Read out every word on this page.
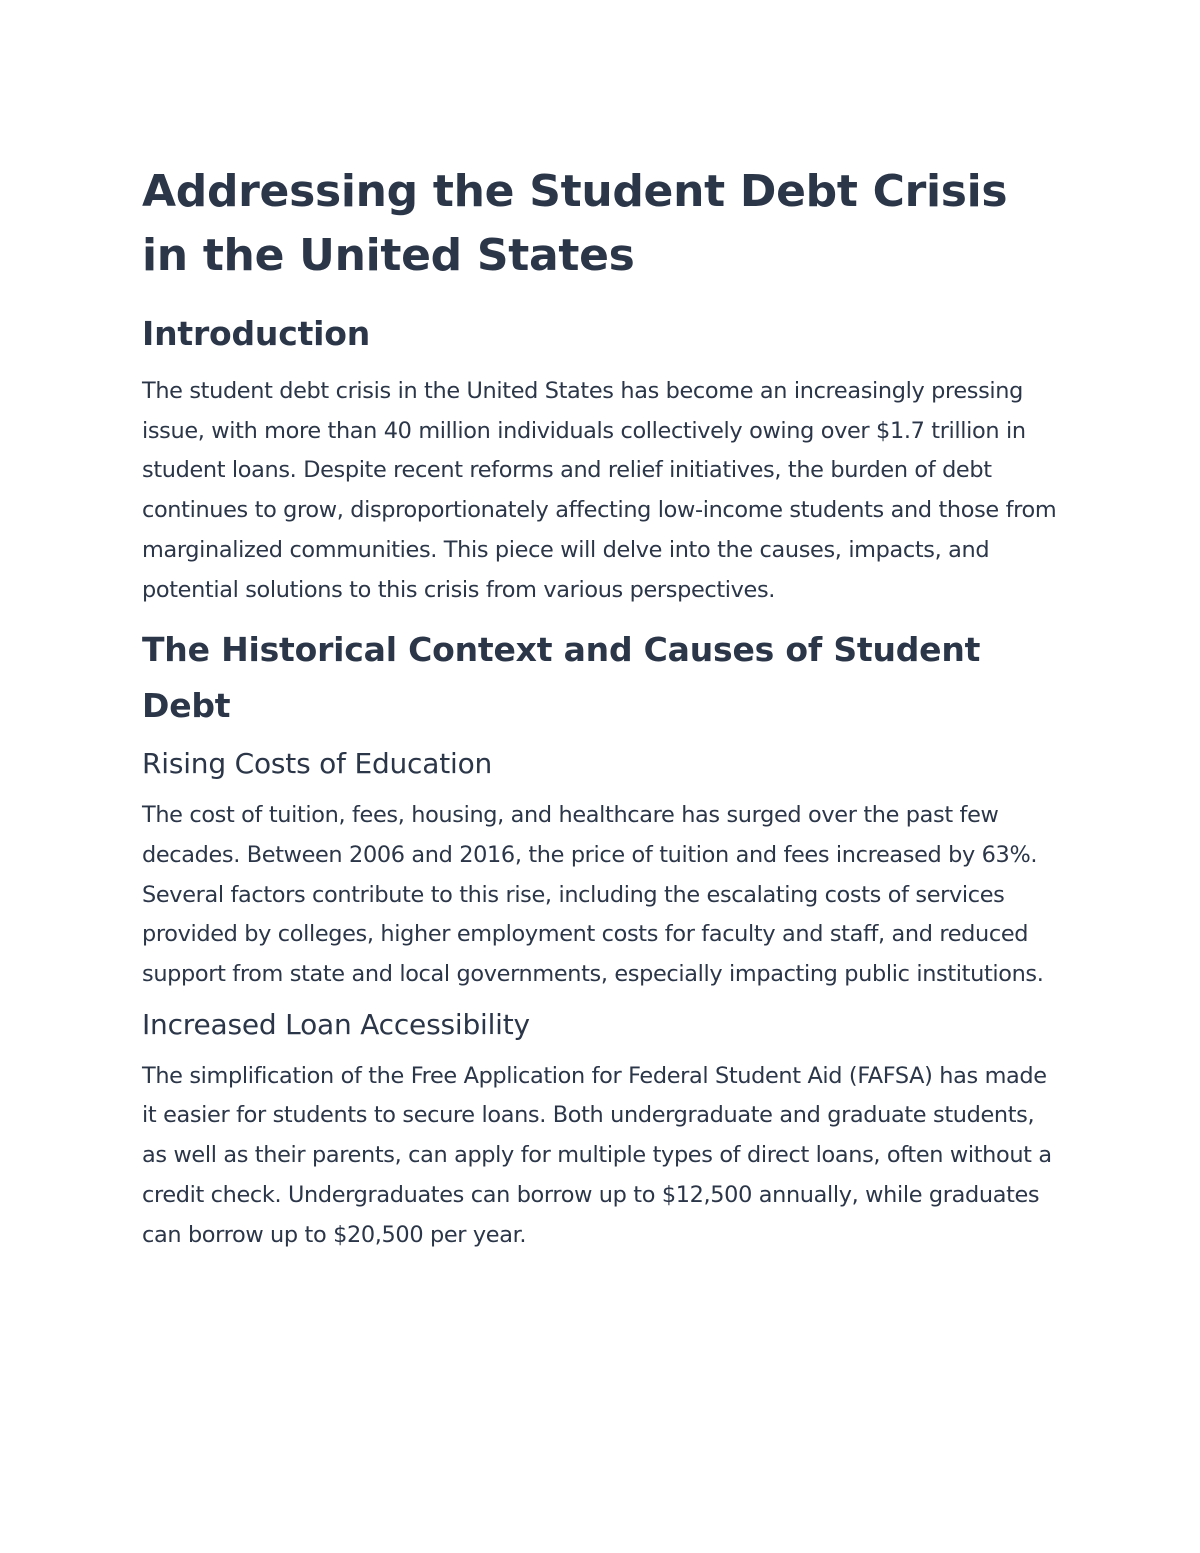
Addressing the Student Debt Crisis in the United States
Introduction

The student debt crisis in the United States has become an increasingly pressing issue, with more than 40 million individuals collectively owing over $1.7 trillion in student loans. Despite recent reforms and relief initiatives, the burden of debt continues to grow, disproportionately affecting low-income students and those from marginalized communities. This piece will delve into the causes, impacts, and potential solutions to this crisis from various perspectives.

The Historical Context and Causes of Student Debt
Rising Costs of Education

The cost of tuition, fees, housing, and healthcare has surged over the past few decades. Between 2006 and 2016, the price of tuition and fees increased by 63%. Several factors contribute to this rise, including the escalating costs of services provided by colleges, higher employment costs for faculty and staff, and reduced support from state and local governments, especially impacting public institutions.

Increased Loan Accessibility

The simplification of the Free Application for Federal Student Aid (FAFSA) has made it easier for students to secure loans. Both undergraduate and graduate students, as well as their parents, can apply for multiple types of direct loans, often without a credit check. Undergraduates can borrow up to $12,500 annually, while graduates can borrow up to $20,500 per year.
